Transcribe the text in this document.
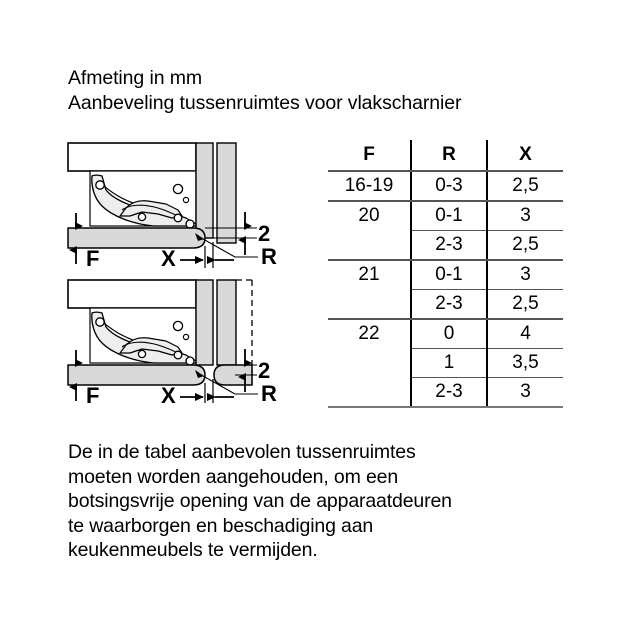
Afmeting in mm
Aanbeveling tussenruimtes voor vlakscharnier
2
F	X	R
2
F	X	R
F	R	X
16-19	0-3	2,5
20	0-1	3
	2-3	2,5
21	0-1	3
	2-3	2,5
22	0	4
	1	3,5
	2-3	3
De in de tabel aanbevolen tussenruimtes
moeten worden aangehouden, om een
botsingsvrije opening van de apparaatdeuren
te waarborgen en beschadiging aan
keukenmeubels te vermijden.
